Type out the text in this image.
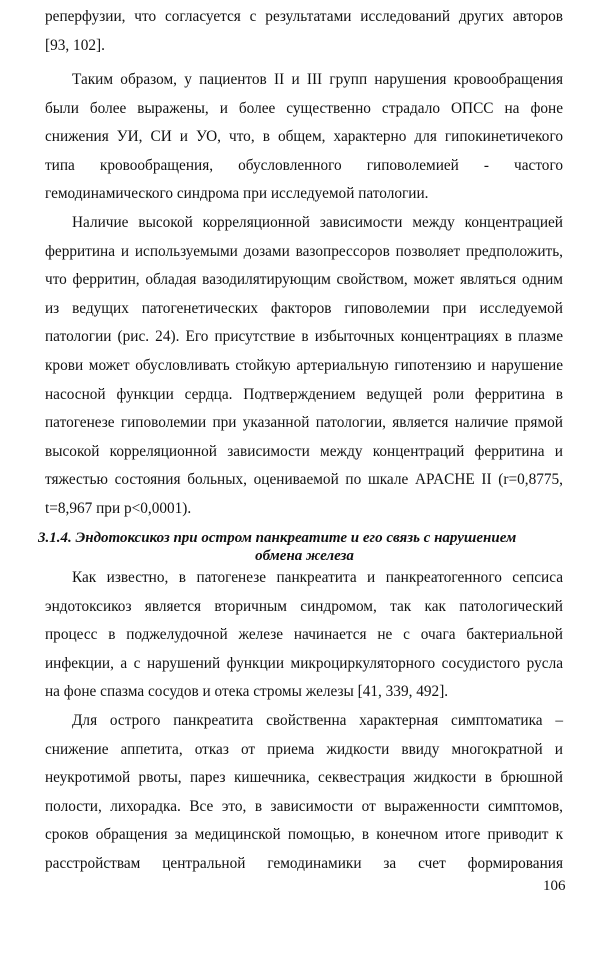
реперфузии, что согласуется с результатами исследований других авторов
[93, 102].
Таким образом, у пациентов II и III групп нарушения кровообращения
были более выражены, и более существенно страдало ОПСС на фоне
снижения УИ, СИ и УО, что, в общем, характерно для гипокинетичекого
типа кровообращения, обусловленного гиповолемией - частого
гемодинамического синдрома при исследуемой патологии.
Наличие высокой корреляционной зависимости между концентрацией
ферритина и используемыми дозами вазопрессоров позволяет предположить,
что ферритин, обладая вазодилятирующим свойством, может являться одним
из ведущих патогенетических факторов гиповолемии при исследуемой
патологии (рис. 24). Его присутствие в избыточных концентрациях в плазме
крови может обусловливать стойкую артериальную гипотензию и нарушение
насосной функции сердца. Подтверждением ведущей роли ферритина в
патогенезе гиповолемии при указанной патологии, является наличие прямой
высокой корреляционной зависимости между концентраций ферритина и
тяжестью состояния больных, оцениваемой по шкале APACHE II (r=0,8775,
t=8,967 при p<0,0001).
3.1.4. Эндотоксикоз при остром панкреатите и его связь с нарушением
обмена железа
Как известно, в патогенезе панкреатита и панкреатогенного сепсиса
эндотоксикоз является вторичным синдромом, так как патологический
процесс в поджелудочной железе начинается не с очага бактериальной
инфекции, а с нарушений функции микроциркуляторного сосудистого русла
на фоне спазма сосудов и отека стромы железы [41, 339, 492].
Для острого панкреатита свойственна характерная симптоматика –
снижение аппетита, отказ от приема жидкости ввиду многократной и
неукротимой рвоты, парез кишечника, секвестрация жидкости в брюшной
полости, лихорадка. Все это, в зависимости от выраженности симптомов,
сроков обращения за медицинской помощью, в конечном итоге приводит к
расстройствам центральной гемодинамики за счет формирования
106
